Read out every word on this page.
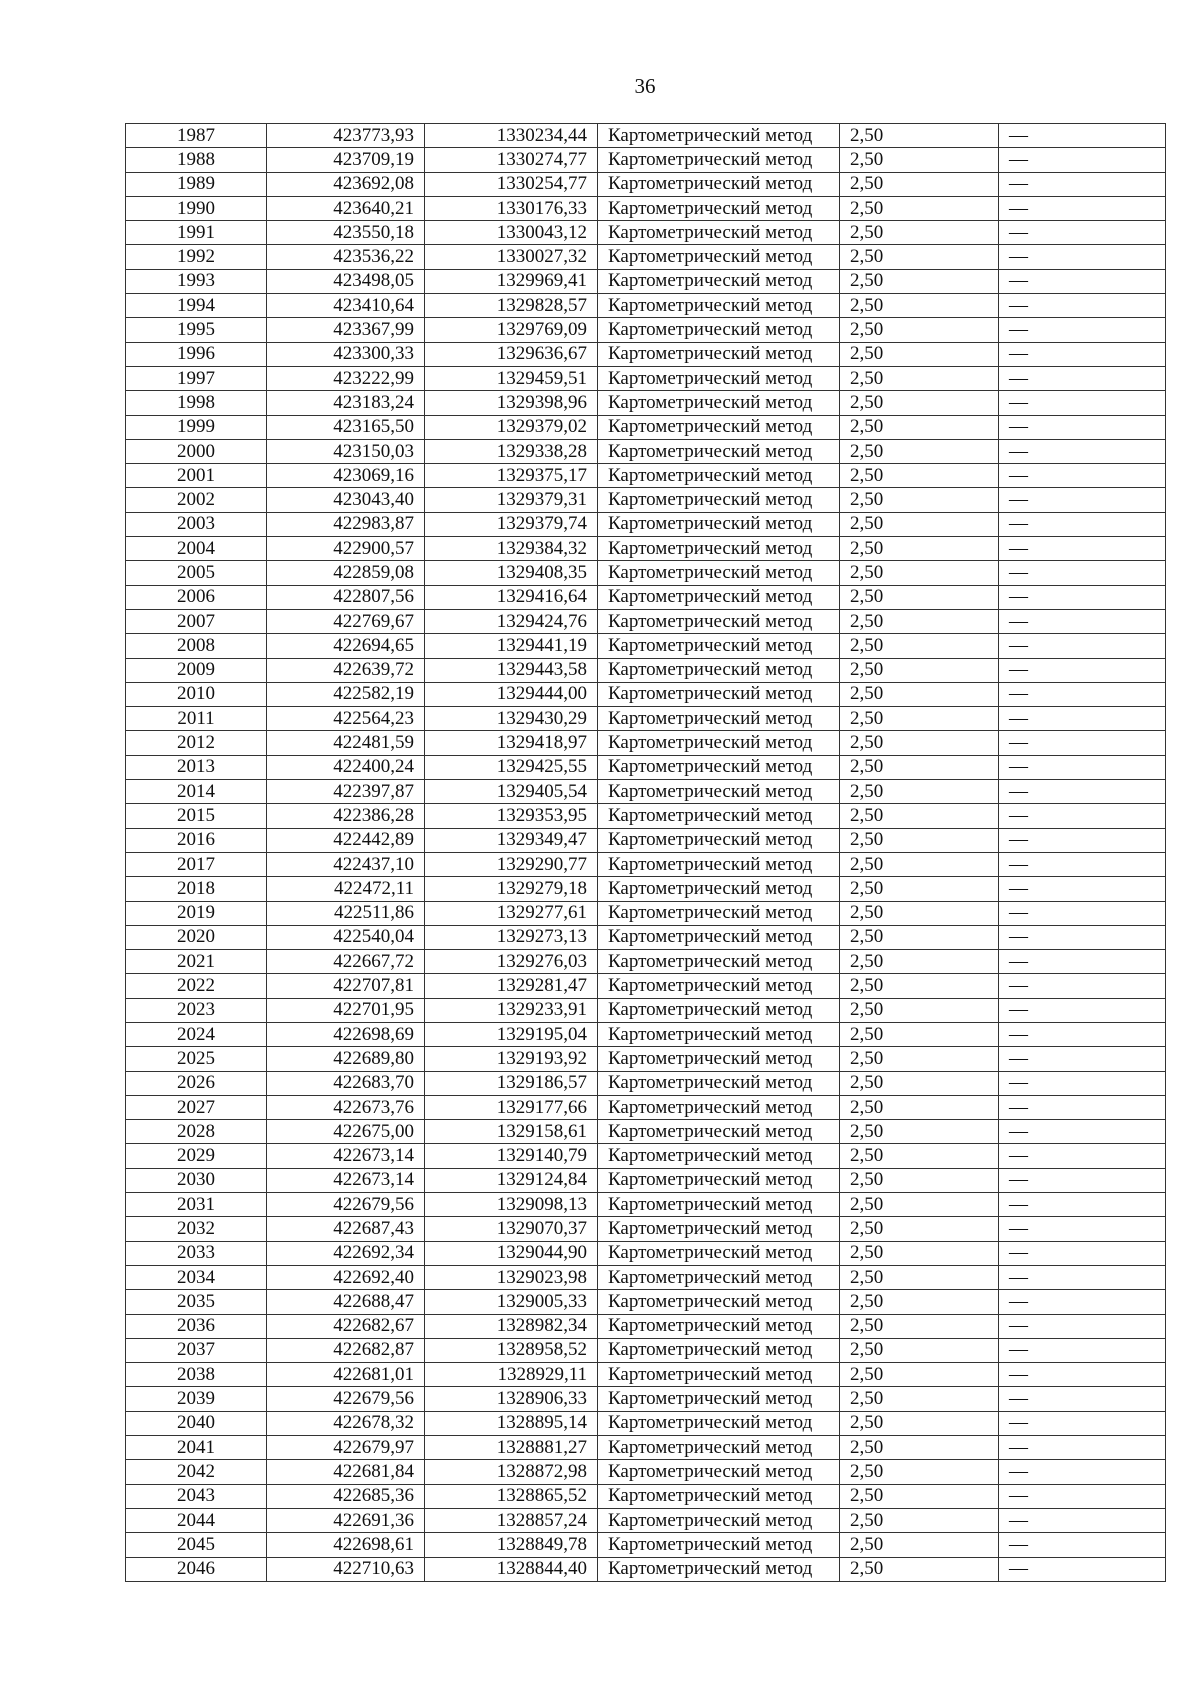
36
1987	423773,93	1330234,44	Картометрический метод	2,50	—
1988	423709,19	1330274,77	Картометрический метод	2,50	—
1989	423692,08	1330254,77	Картометрический метод	2,50	—
1990	423640,21	1330176,33	Картометрический метод	2,50	—
1991	423550,18	1330043,12	Картометрический метод	2,50	—
1992	423536,22	1330027,32	Картометрический метод	2,50	—
1993	423498,05	1329969,41	Картометрический метод	2,50	—
1994	423410,64	1329828,57	Картометрический метод	2,50	—
1995	423367,99	1329769,09	Картометрический метод	2,50	—
1996	423300,33	1329636,67	Картометрический метод	2,50	—
1997	423222,99	1329459,51	Картометрический метод	2,50	—
1998	423183,24	1329398,96	Картометрический метод	2,50	—
1999	423165,50	1329379,02	Картометрический метод	2,50	—
2000	423150,03	1329338,28	Картометрический метод	2,50	—
2001	423069,16	1329375,17	Картометрический метод	2,50	—
2002	423043,40	1329379,31	Картометрический метод	2,50	—
2003	422983,87	1329379,74	Картометрический метод	2,50	—
2004	422900,57	1329384,32	Картометрический метод	2,50	—
2005	422859,08	1329408,35	Картометрический метод	2,50	—
2006	422807,56	1329416,64	Картометрический метод	2,50	—
2007	422769,67	1329424,76	Картометрический метод	2,50	—
2008	422694,65	1329441,19	Картометрический метод	2,50	—
2009	422639,72	1329443,58	Картометрический метод	2,50	—
2010	422582,19	1329444,00	Картометрический метод	2,50	—
2011	422564,23	1329430,29	Картометрический метод	2,50	—
2012	422481,59	1329418,97	Картометрический метод	2,50	—
2013	422400,24	1329425,55	Картометрический метод	2,50	—
2014	422397,87	1329405,54	Картометрический метод	2,50	—
2015	422386,28	1329353,95	Картометрический метод	2,50	—
2016	422442,89	1329349,47	Картометрический метод	2,50	—
2017	422437,10	1329290,77	Картометрический метод	2,50	—
2018	422472,11	1329279,18	Картометрический метод	2,50	—
2019	422511,86	1329277,61	Картометрический метод	2,50	—
2020	422540,04	1329273,13	Картометрический метод	2,50	—
2021	422667,72	1329276,03	Картометрический метод	2,50	—
2022	422707,81	1329281,47	Картометрический метод	2,50	—
2023	422701,95	1329233,91	Картометрический метод	2,50	—
2024	422698,69	1329195,04	Картометрический метод	2,50	—
2025	422689,80	1329193,92	Картометрический метод	2,50	—
2026	422683,70	1329186,57	Картометрический метод	2,50	—
2027	422673,76	1329177,66	Картометрический метод	2,50	—
2028	422675,00	1329158,61	Картометрический метод	2,50	—
2029	422673,14	1329140,79	Картометрический метод	2,50	—
2030	422673,14	1329124,84	Картометрический метод	2,50	—
2031	422679,56	1329098,13	Картометрический метод	2,50	—
2032	422687,43	1329070,37	Картометрический метод	2,50	—
2033	422692,34	1329044,90	Картометрический метод	2,50	—
2034	422692,40	1329023,98	Картометрический метод	2,50	—
2035	422688,47	1329005,33	Картометрический метод	2,50	—
2036	422682,67	1328982,34	Картометрический метод	2,50	—
2037	422682,87	1328958,52	Картометрический метод	2,50	—
2038	422681,01	1328929,11	Картометрический метод	2,50	—
2039	422679,56	1328906,33	Картометрический метод	2,50	—
2040	422678,32	1328895,14	Картометрический метод	2,50	—
2041	422679,97	1328881,27	Картометрический метод	2,50	—
2042	422681,84	1328872,98	Картометрический метод	2,50	—
2043	422685,36	1328865,52	Картометрический метод	2,50	—
2044	422691,36	1328857,24	Картометрический метод	2,50	—
2045	422698,61	1328849,78	Картометрический метод	2,50	—
2046	422710,63	1328844,40	Картометрический метод	2,50	—
